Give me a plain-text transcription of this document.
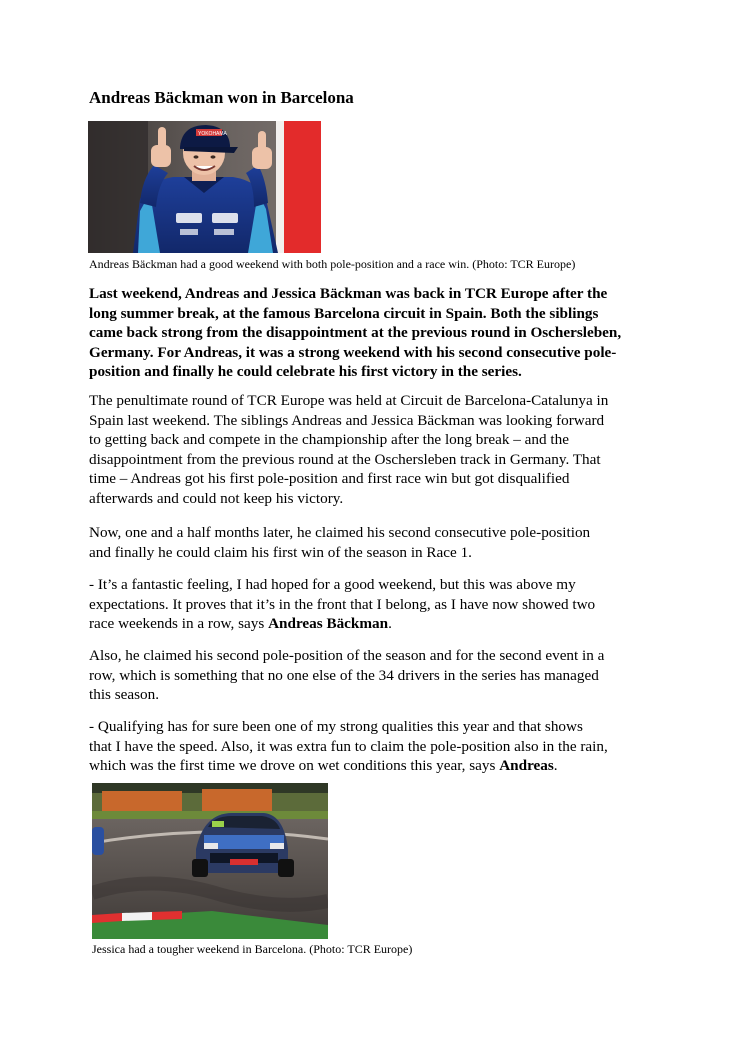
Andreas Bäckman won in Barcelona
YOKOHAMA
Andreas Bäckman had a good weekend with both pole-position and a race win. (Photo: TCR Europe)
Last weekend, Andreas and Jessica Bäckman was back in TCR Europe after the
long summer break, at the famous Barcelona circuit in Spain. Both the siblings
came back strong from the disappointment at the previous round in Oschersleben,
Germany. For Andreas, it was a strong weekend with his second consecutive pole-
position and finally he could celebrate his first victory in the series.
The penultimate round of TCR Europe was held at Circuit de Barcelona-Catalunya in
Spain last weekend. The siblings Andreas and Jessica Bäckman was looking forward
to getting back and compete in the championship after the long break – and the
disappointment from the previous round at the Oschersleben track in Germany. That
time – Andreas got his first pole-position and first race win but got disqualified
afterwards and could not keep his victory.
Now, one and a half months later, he claimed his second consecutive pole-position
and finally he could claim his first win of the season in Race 1.
- It’s a fantastic feeling, I had hoped for a good weekend, but this was above my
expectations. It proves that it’s in the front that I belong, as I have now showed two
race weekends in a row, says Andreas Bäckman.
Also, he claimed his second pole-position of the season and for the second event in a
row, which is something that no one else of the 34 drivers in the series has managed
this season.
- Qualifying has for sure been one of my strong qualities this year and that shows
that I have the speed. Also, it was extra fun to claim the pole-position also in the rain,
which was the first time we drove on wet conditions this year, says Andreas.
Jessica had a tougher weekend in Barcelona. (Photo: TCR Europe)
